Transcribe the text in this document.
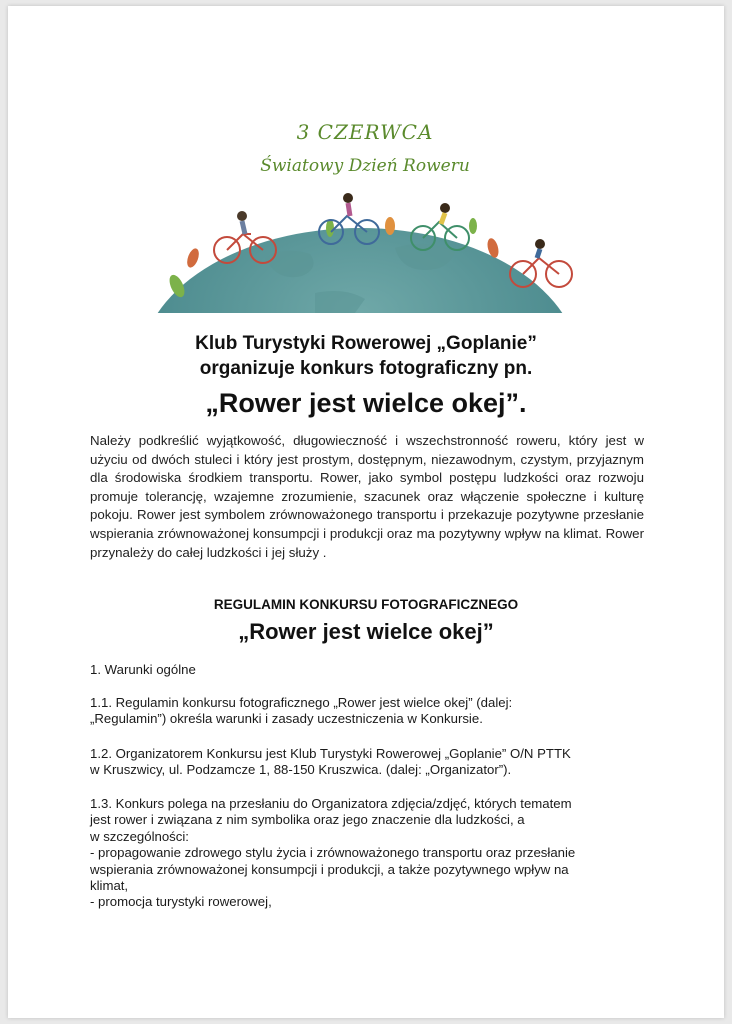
3 CZERWCA
Światowy Dzień Roweru
Klub Turystyki Rowerowej „Goplanie”
organizuje konkurs fotograficzny pn.
„Rower jest wielce okej”.
Należy podkreślić wyjątkowość, długowieczność i wszechstronność roweru, który jest w użyciu od dwóch stuleci i który jest prostym, dostępnym, niezawodnym, czystym, przyjaznym dla środowiska środkiem transportu. Rower, jako symbol postępu ludzkości oraz rozwoju promuje tolerancję, wzajemne zrozumienie, szacunek oraz włączenie społeczne i kulturę pokoju. Rower jest symbolem zrównoważonego transportu i przekazuje pozytywne przesłanie wspierania zrównoważonej konsumpcji i produkcji oraz ma pozytywny wpływ na klimat. Rower przynależy do całej ludzkości i jej służy .
REGULAMIN KONKURSU FOTOGRAFICZNEGO
„Rower jest wielce okej”
1. Warunki ogólne
1.1. Regulamin konkursu fotograficznego „Rower jest wielce okej” (dalej:
„Regulamin”) określa warunki i zasady uczestniczenia w Konkursie.
1.2. Organizatorem Konkursu jest Klub Turystyki Rowerowej „Goplanie” O/N PTTK
w Kruszwicy, ul. Podzamcze 1, 88-150 Kruszwica. (dalej: „Organizator”).
1.3. Konkurs polega na przesłaniu do Organizatora zdjęcia/zdjęć, których tematem
jest rower i związana z nim symbolika oraz jego znaczenie dla ludzkości, a
w szczególności:
- propagowanie zdrowego stylu życia i zrównoważonego transportu oraz przesłanie
wspierania zrównoważonej konsumpcji i produkcji, a także pozytywnego wpływ na
klimat,
- promocja turystyki rowerowej,
